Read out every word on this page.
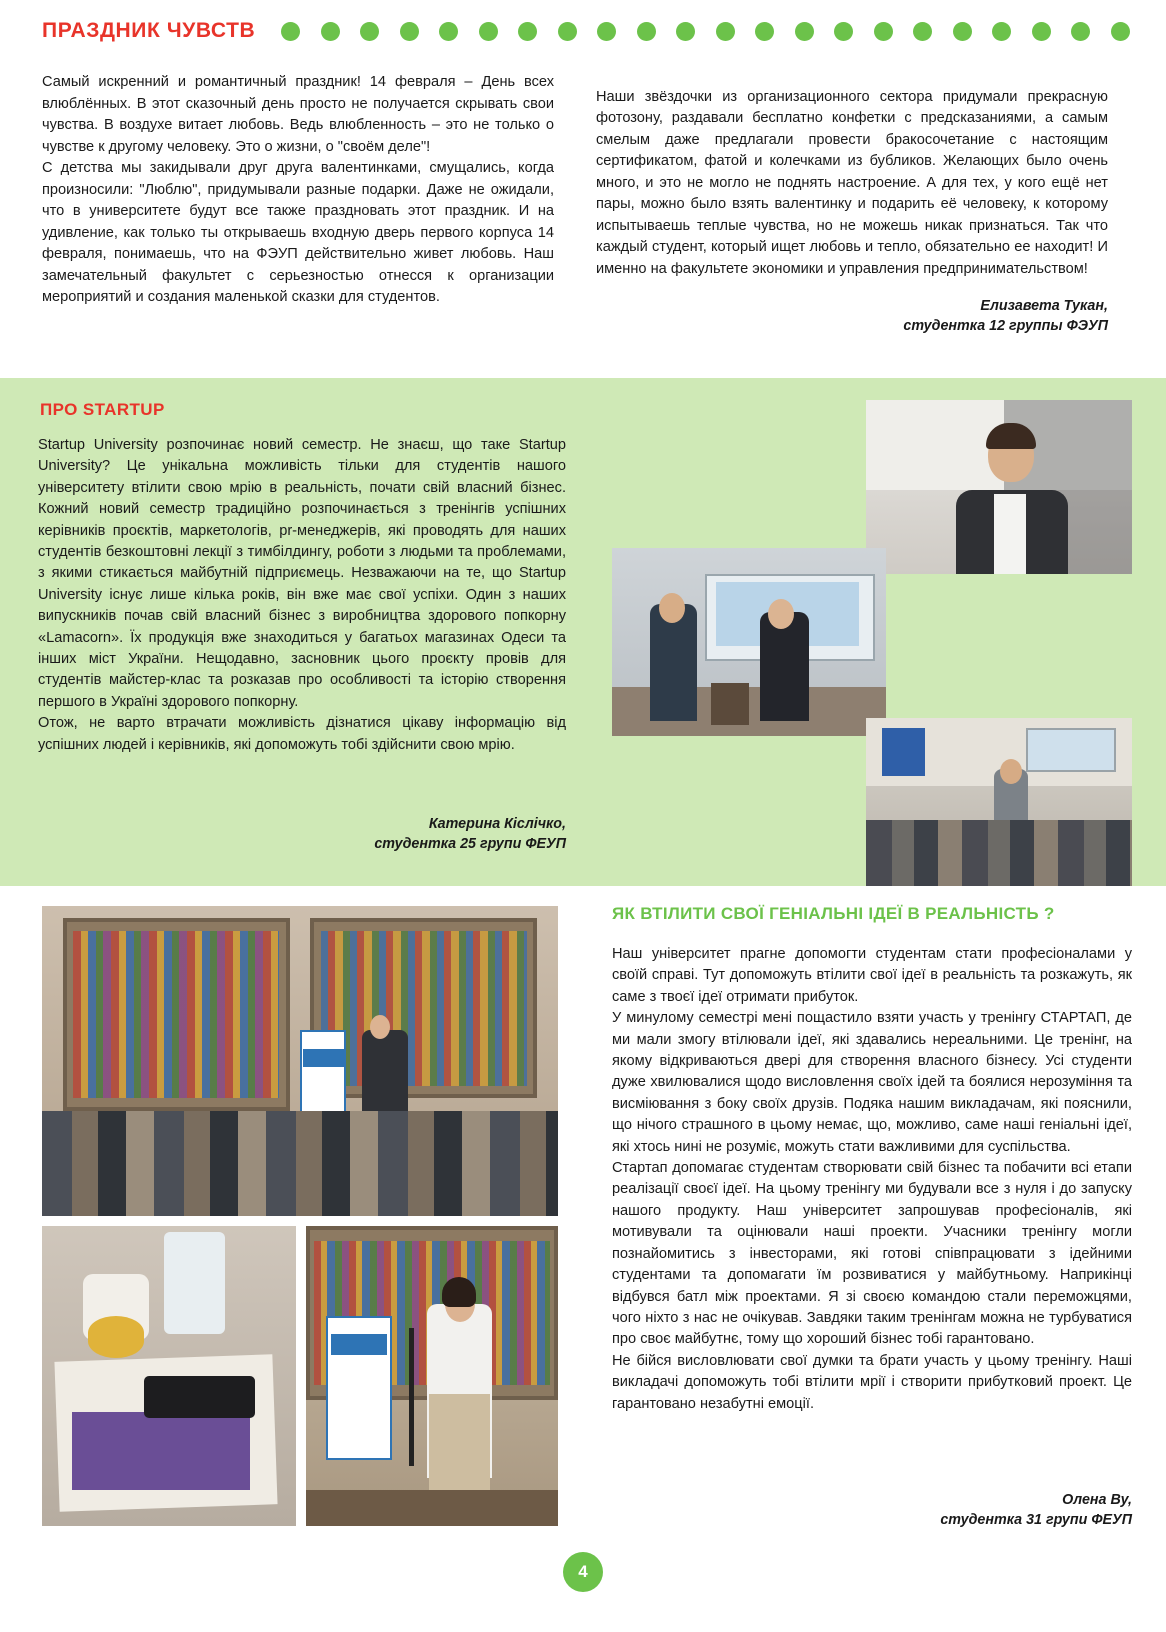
ПРАЗДНИК ЧУВСТВ

Самый искренний и романтичный праздник! 14 февраля – День всех влюблённых. В этот сказочный день просто не получается скрывать свои чувства. В воздухе витает любовь. Ведь влюбленность – это не только о чувстве к другому человеку. Это о жизни, о "своём деле"!

С детства мы закидывали друг друга валентинками, смущались, когда произносили: "Люблю", придумывали разные подарки. Даже не ожидали, что в университете будут все также праздновать этот праздник. И на удивление, как только ты открываешь входную дверь первого корпуса 14 февраля, понимаешь, что на ФЭУП действительно живет любовь. Наш замечательный факультет с серьезностью отнесся к организации мероприятий и создания маленькой сказки для студентов.

Наши звёздочки из организационного сектора придумали прекрасную фотозону, раздавали бесплатно конфетки с предсказаниями, а самым смелым даже предлагали провести бракосочетание с настоящим сертификатом, фатой и колечками из бубликов. Желающих было очень много, и это не могло не поднять настроение. А для тех, у кого ещё нет пары, можно было взять валентинку и подарить её человеку, к которому испытываешь теплые чувства, но не можешь никак признаться. Так что каждый студент, который ищет любовь и тепло, обязательно ее находит! И именно на факультете экономики и управления предпринимательством!

Елизавета Тукан,
студентка 12 группы ФЭУП
ПРО STARTUP

Startup University розпочинає новий семестр. Не знаєш, що таке Startup University? Це унікальна можливість тільки для студентів нашого університету втілити свою мрію в реальність, почати свій власний бізнес. Кожний новий семестр традиційно розпочинається з тренінгів успішних керівників проєктів, маркетологів, pr-менеджерів, які проводять для наших студентів безкоштовні лекції з тимбілдингу, роботи з людьми та проблемами, з якими стикається майбутній підприємець. Незважаючи на те, що Startup University існує лише кілька років, він вже має свої успіхи. Один з наших випускників почав свій власний бізнес з виробництва здорового попкорну «Lamacorn». Їх продукція вже знаходиться у багатьох магазинах Одеси та інших міст України. Нещодавно, засновник цього проєкту провів для студентів майстер-клас та розказав про особливості та історію створення першого в Україні здорового попкорну.

Отож, не варто втрачати можливість дізнатися цікаву інформацію від успішних людей і керівників, які допоможуть тобі здійснити свою мрію.

Катерина Кіслічко,
студентка 25 групи ФЕУП
ЯК ВТІЛИТИ СВОЇ ГЕНІАЛЬНІ ІДЕЇ В РЕАЛЬНІСТЬ ?

Наш університет прагне допомогти студентам стати професіоналами у своїй справі. Тут допоможуть втілити свої ідеї в реальність та розкажуть, як саме з твоєї ідеї отримати прибуток.

У минулому семестрі мені пощастило взяти участь у тренінгу СТАРТАП, де ми мали змогу втілювали ідеї, які здавались нереальними. Це тренінг, на якому відкриваються двері для створення власного бізнесу. Усі студенти дуже хвилювалися щодо висловлення своїх ідей та боялися нерозуміння та висміювання з боку своїх друзів. Подяка нашим викладачам, які пояснили, що нічого страшного в цьому немає, що, можливо, саме наші геніальні ідеї, які хтось нині не розуміє, можуть стати важливими для суспільства.

Стартап допомагає студентам створювати свій бізнес та побачити всі етапи реалізації своєї ідеї. На цьому тренінгу ми будували все з нуля і до запуску нашого продукту. Наш університет запрошував професіоналів, які мотивували та оцінювали наші проекти. Учасники тренінгу могли познайомитись з інвесторами, які готові співпрацювати з ідейними студентами та допомагати їм розвиватися у майбутньому. Наприкінці відбувся батл між проектами. Я зі своєю командою стали переможцями, чого ніхто з нас не очікував. Завдяки таким тренінгам можна не турбуватися про своє майбутнє, тому що хороший бізнес тобі гарантовано.

Не бійся висловлювати свої думки та брати участь у цьому тренінгу. Наші викладачі допоможуть тобі втілити мрії і створити прибутковий проект. Це гарантовано незабутні емоції.

Олена Ву,
студентка 31 групи ФЕУП
4
